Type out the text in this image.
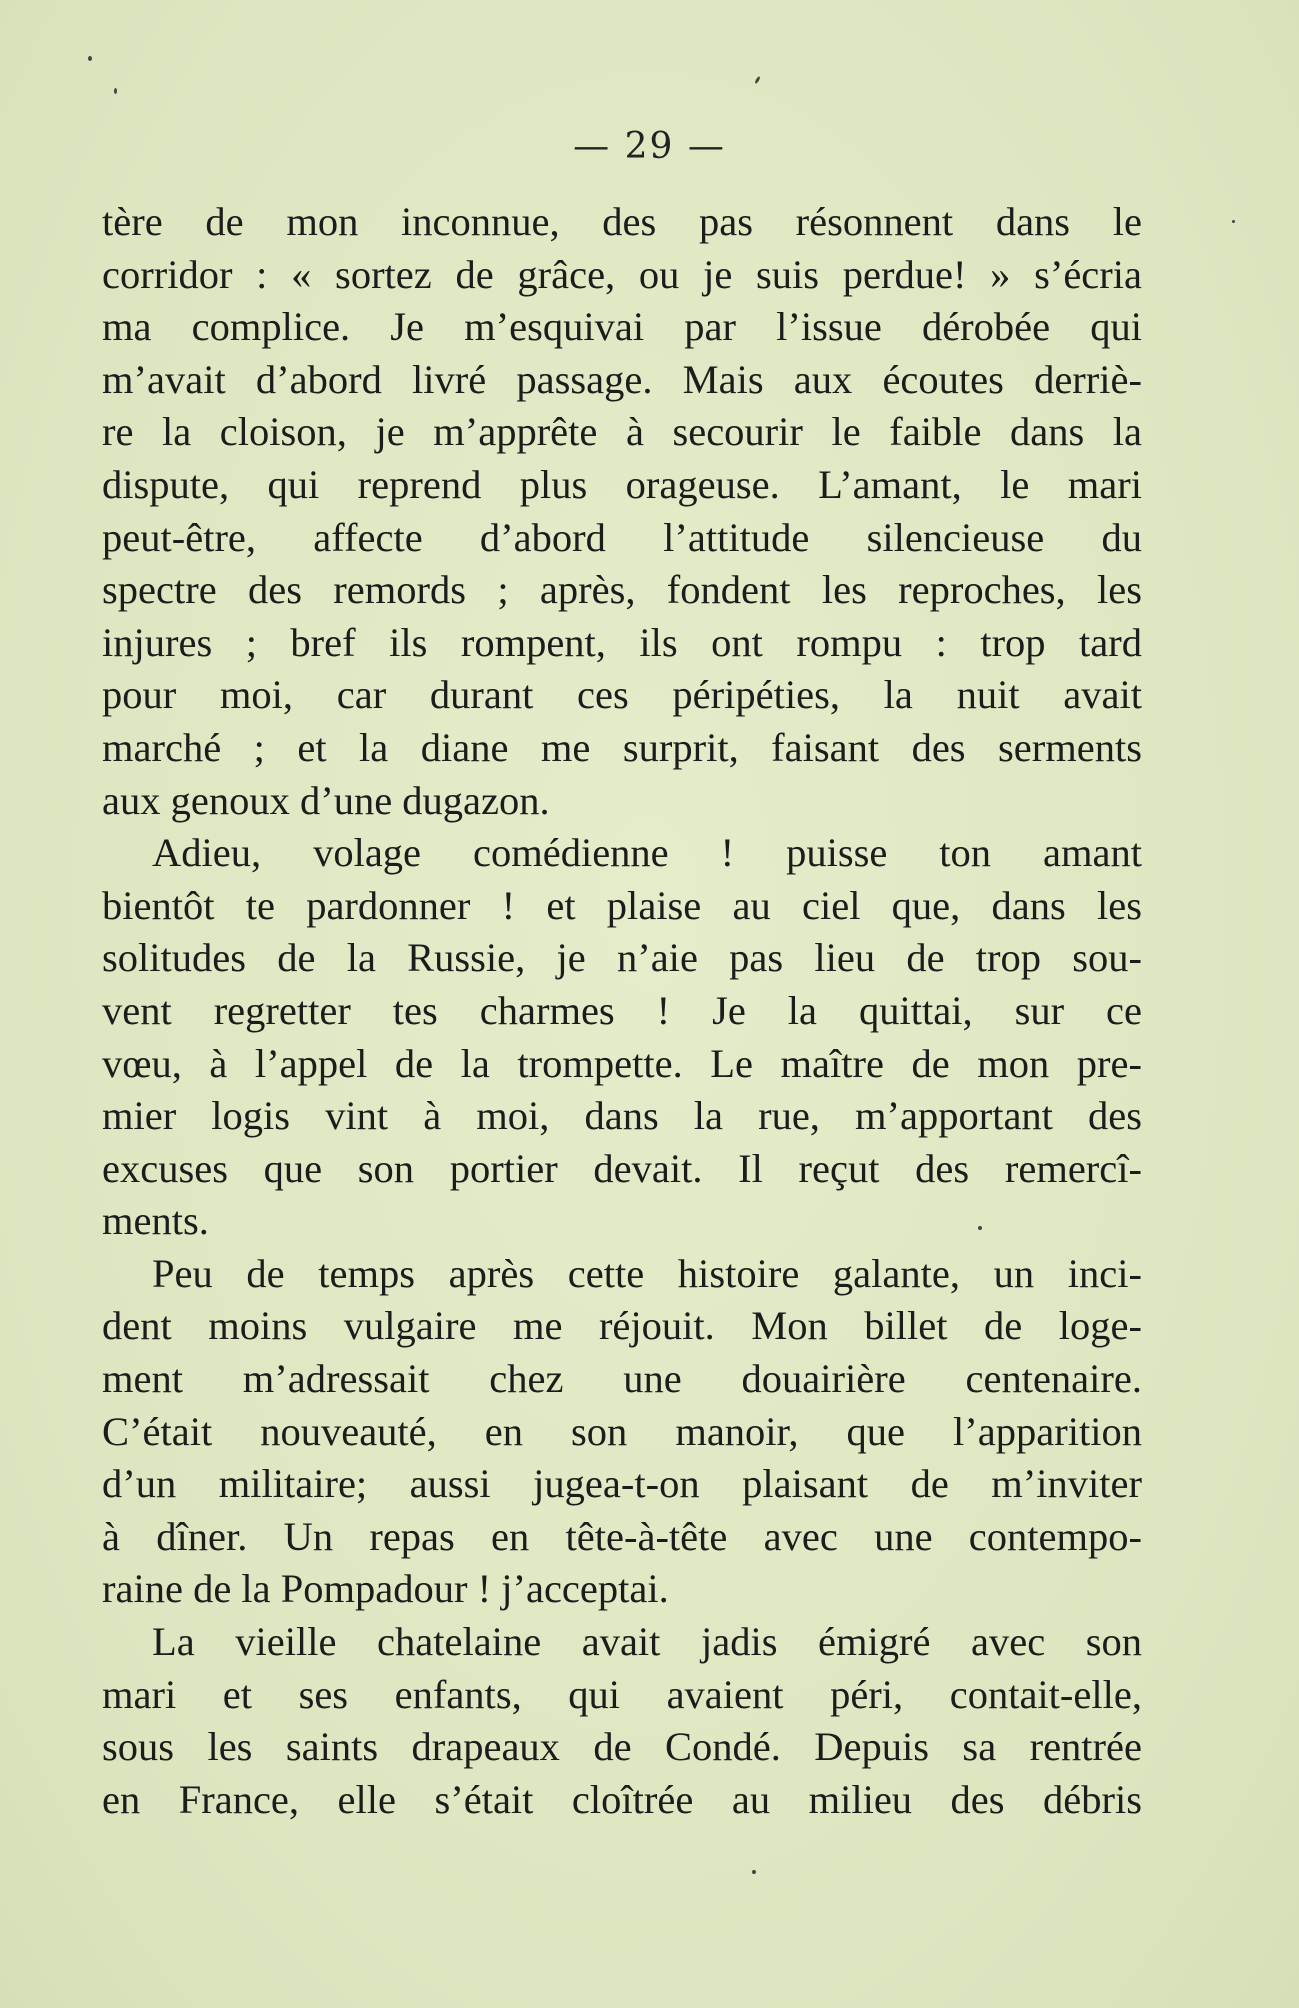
— 29 —
tère de mon inconnue, des pas résonnent dans le
corridor : « sortez de grâce, ou je suis perdue! » s’écria
ma complice. Je m’esquivai par l’issue dérobée qui
m’avait d’abord livré passage. Mais aux écoutes derriè-
re la cloison, je m’apprête à secourir le faible dans la
dispute, qui reprend plus orageuse. L’amant, le mari
peut-être, affecte d’abord l’attitude silencieuse du
spectre des remords ; après, fondent les reproches, les
injures ; bref ils rompent, ils ont rompu : trop tard
pour moi, car durant ces péripéties, la nuit avait
marché ; et la diane me surprit, faisant des serments
aux genoux d’une dugazon.
Adieu, volage comédienne ! puisse ton amant
bientôt te pardonner ! et plaise au ciel que, dans les
solitudes de la Russie, je n’aie pas lieu de trop sou-
vent regretter tes charmes ! Je la quittai, sur ce
vœu, à l’appel de la trompette. Le maître de mon pre-
mier logis vint à moi, dans la rue, m’apportant des
excuses que son portier devait. Il reçut des remercî-
ments.
Peu de temps après cette histoire galante, un inci-
dent moins vulgaire me réjouit. Mon billet de loge-
ment m’adressait chez une douairière centenaire.
C’était nouveauté, en son manoir, que l’apparition
d’un militaire; aussi jugea-t-on plaisant de m’inviter
à dîner. Un repas en tête-à-tête avec une contempo-
raine de la Pompadour ! j’acceptai.
La vieille chatelaine avait jadis émigré avec son
mari et ses enfants, qui avaient péri, contait-elle,
sous les saints drapeaux de Condé. Depuis sa rentrée
en France, elle s’était cloîtrée au milieu des débris
